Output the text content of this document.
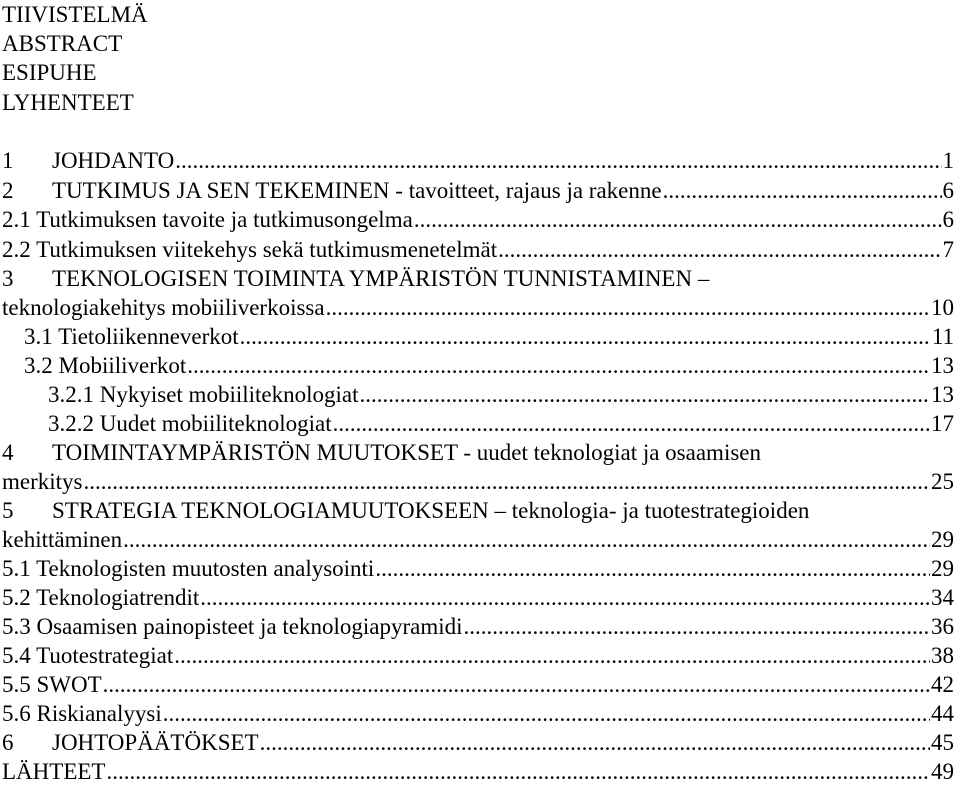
TIIVISTELMÄ
ABSTRACT
ESIPUHE
LYHENTEET
1	JOHDANTO .....	1
2	TUTKIMUS JA SEN TEKEMINEN - tavoitteet, rajaus ja rakenne .....	6
2.1 Tutkimuksen tavoite ja tutkimusongelma .....	6
2.2 Tutkimuksen viitekehys sekä tutkimusmenetelmät .....	7
3	TEKNOLOGISEN TOIMINTA YMPÄRISTÖN TUNNISTAMINEN –
teknologiakehitys mobiiliverkoissa .....	10
3.1 Tietoliikenneverkot .....	11
3.2 Mobiiliverkot .....	13
3.2.1 Nykyiset mobiiliteknologiat .....	13
3.2.2 Uudet mobiiliteknologiat .....	17
4	TOIMINTAYMPÄRISTÖN MUUTOKSET - uudet teknologiat ja osaamisen
merkitys .....	25
5	STRATEGIA TEKNOLOGIAMUUTOKSEEN – teknologia- ja tuotestrategioiden
kehittäminen .....	29
5.1 Teknologisten muutosten analysointi .....	29
5.2 Teknologiatrendit .....	34
5.3 Osaamisen painopisteet ja teknologiapyramidi .....	36
5.4 Tuotestrategiat .....	38
5.5 SWOT .....	42
5.6 Riskianalyysi .....	44
6	JOHTOPÄÄTÖKSET .....	45
LÄHTEET .....	49
